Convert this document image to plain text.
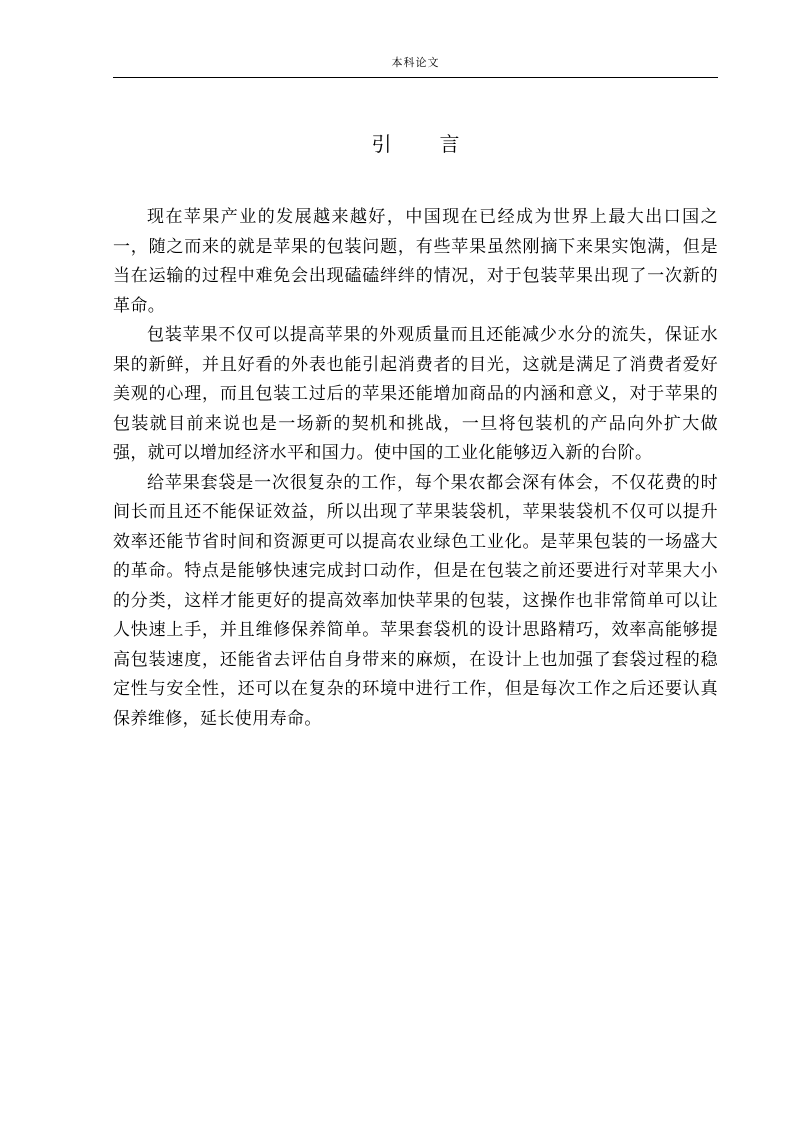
本科论文
引 言

现在苹果产业的发展越来越好，中国现在已经成为世界上最大出口国之一，随之而来的就是苹果的包装问题，有些苹果虽然刚摘下来果实饱满，但是当在运输的过程中难免会出现磕磕绊绊的情况，对于包装苹果出现了一次新的革命。

包装苹果不仅可以提高苹果的外观质量而且还能减少水分的流失，保证水果的新鲜，并且好看的外表也能引起消费者的目光，这就是满足了消费者爱好美观的心理，而且包装工过后的苹果还能增加商品的内涵和意义，对于苹果的包装就目前来说也是一场新的契机和挑战，一旦将包装机的产品向外扩大做强，就可以增加经济水平和国力。使中国的工业化能够迈入新的台阶。

给苹果套袋是一次很复杂的工作，每个果农都会深有体会，不仅花费的时间长而且还不能保证效益，所以出现了苹果装袋机，苹果装袋机不仅可以提升效率还能节省时间和资源更可以提高农业绿色工业化。是苹果包装的一场盛大的革命。特点是能够快速完成封口动作，但是在包装之前还要进行对苹果大小的分类，这样才能更好的提高效率加快苹果的包装，这操作也非常简单可以让人快速上手，并且维修保养简单。苹果套袋机的设计思路精巧，效率高能够提高包装速度，还能省去评估自身带来的麻烦，在设计上也加强了套袋过程的稳定性与安全性，还可以在复杂的环境中进行工作，但是每次工作之后还要认真保养维修，延长使用寿命。
